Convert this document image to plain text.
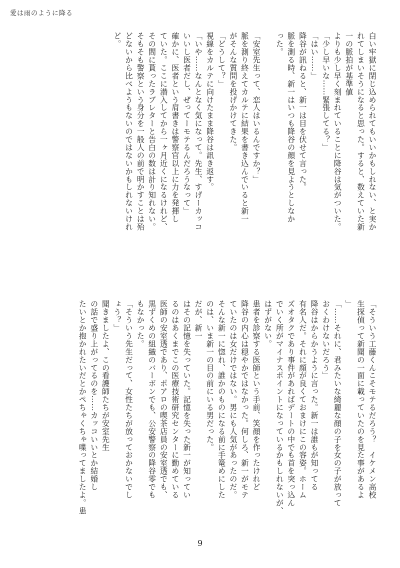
愛は雨のように降る

白い牢獄に閉じ込められてもいいかもしれない、と実か

れてしまいそうになると思った。すると、数えていた新

一の脈拍が基準値

よりも少し早く刻まれていることに降谷は気がついた。

「少し早いな……緊張してる？」

「はい……」

降谷が訊ねると、新一は目を伏せて言った。

脈を測る時、新一はいつも降谷の顔を見ようとしなか

った。

「安室先生って、恋人はいるんですか？」

脈を測り終えてカルテに結果を書き込んでいると新一

がそんな質問を投げかけてきた。

「どうして？」

視線をカルテに向けたまま降谷は訊き返す。

「いや……なんとなく気になって。先生、すげーカッコ

いいし医者だし、ぜってーモテるんだろうなって」

確かに、医者という肩書きは警察官以上に力を発揮し

ていた。ここに潜入してから一ヶ月近くになるけれど、

その間に貰ったラブレターと告白の数は計り知れない。

そもそも警察という身分を一般人の前で明かすことは殆

どないから比べようもないのではないかもしれないけれ

ど。

「そういう工藤くんこそモテるだろう？　イケメン高校

生探偵って新聞の一面に載っていたのを見た事があるよ

」

「……それに、君みたいな綺麗な顔の子を女の子が放って

おくわけないだろう」

降谷はからかうように言った。新一は誰もが知ってる

有名人だ。それに顔が良くておまけにこの容姿。ホーム

ズオタクであり事件があればデートの中でも首を突っ込ん

でいく所がマイナスポイントになっているかもしれないが、

はずがない。

患者を診察する医師という手前、笑顔を作ったけれど

降谷の内心は穏やかではなかった。何しろ、新一がモテ

ていたのは女だけではない。男にも人気があったのだ。

そんな新一に惚れ、誰かのものになる前に手篭めにした

のは、いま新一の目の前にいる男だった。

だが、新一

はその記憶を失っていた。記憶を失った新一が知ってい

るのはあくまでこの医療技術研究センターに勤めている

医師の安室透であり、ポアロの喫茶店員の安室透でも、

黒ずくめの組織のバーボンでも、公安警察の降谷零でも

もなかった。

「そういう先生だって、女性たちが放っておかないでし

ょう？」

聞きましたよ、この看護師たちが安室先生

の話で盛り上がってるのを……カッコいいとか結婚し

たいとか抱かれたいだとかぺちゃくちゃ喋ってましたよ。患

9
